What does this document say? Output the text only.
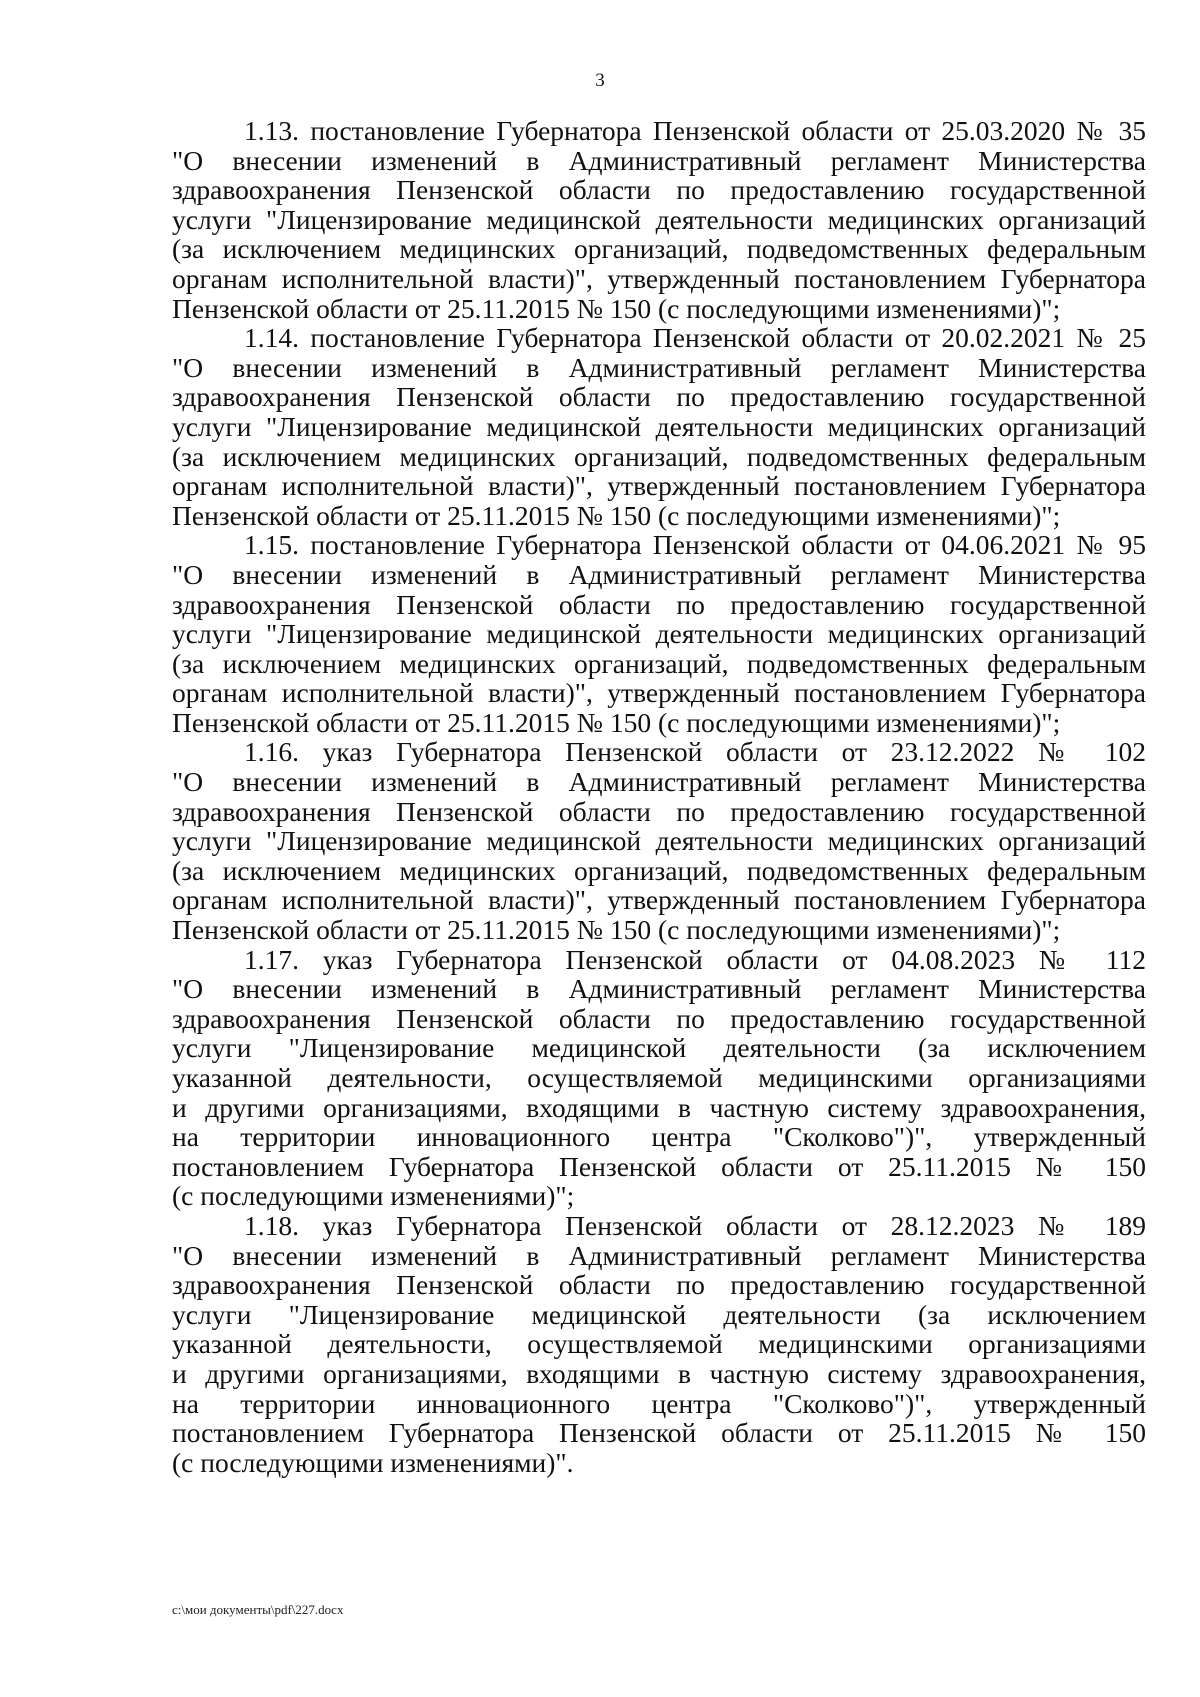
3
1.13. постановление Губернатора Пензенской области от 25.03.2020 № 35
"О внесении изменений в Административный регламент Министерства
здравоохранения Пензенской области по предоставлению государственной
услуги "Лицензирование медицинской деятельности медицинских организаций
(за исключением медицинских организаций, подведомственных федеральным
органам исполнительной власти)", утвержденный постановлением Губернатора
Пензенской области от 25.11.2015 № 150 (с последующими изменениями)";
1.14. постановление Губернатора Пензенской области от 20.02.2021 № 25
"О внесении изменений в Административный регламент Министерства
здравоохранения Пензенской области по предоставлению государственной
услуги "Лицензирование медицинской деятельности медицинских организаций
(за исключением медицинских организаций, подведомственных федеральным
органам исполнительной власти)", утвержденный постановлением Губернатора
Пензенской области от 25.11.2015 № 150 (с последующими изменениями)";
1.15. постановление Губернатора Пензенской области от 04.06.2021 № 95
"О внесении изменений в Административный регламент Министерства
здравоохранения Пензенской области по предоставлению государственной
услуги "Лицензирование медицинской деятельности медицинских организаций
(за исключением медицинских организаций, подведомственных федеральным
органам исполнительной власти)", утвержденный постановлением Губернатора
Пензенской области от 25.11.2015 № 150 (с последующими изменениями)";
1.16. указ Губернатора Пензенской области от 23.12.2022 № 102
"О внесении изменений в Административный регламент Министерства
здравоохранения Пензенской области по предоставлению государственной
услуги "Лицензирование медицинской деятельности медицинских организаций
(за исключением медицинских организаций, подведомственных федеральным
органам исполнительной власти)", утвержденный постановлением Губернатора
Пензенской области от 25.11.2015 № 150 (с последующими изменениями)";
1.17. указ Губернатора Пензенской области от 04.08.2023 № 112
"О внесении изменений в Административный регламент Министерства
здравоохранения Пензенской области по предоставлению государственной
услуги "Лицензирование медицинской деятельности (за исключением
указанной деятельности, осуществляемой медицинскими организациями
и другими организациями, входящими в частную систему здравоохранения,
на территории инновационного центра "Сколково")", утвержденный
постановлением Губернатора Пензенской области от 25.11.2015 № 150
(с последующими изменениями)";
1.18. указ Губернатора Пензенской области от 28.12.2023 № 189
"О внесении изменений в Административный регламент Министерства
здравоохранения Пензенской области по предоставлению государственной
услуги "Лицензирование медицинской деятельности (за исключением
указанной деятельности, осуществляемой медицинскими организациями
и другими организациями, входящими в частную систему здравоохранения,
на территории инновационного центра "Сколково")", утвержденный
постановлением Губернатора Пензенской области от 25.11.2015 № 150
(с последующими изменениями)".
c:\мои документы\pdf\227.docx
